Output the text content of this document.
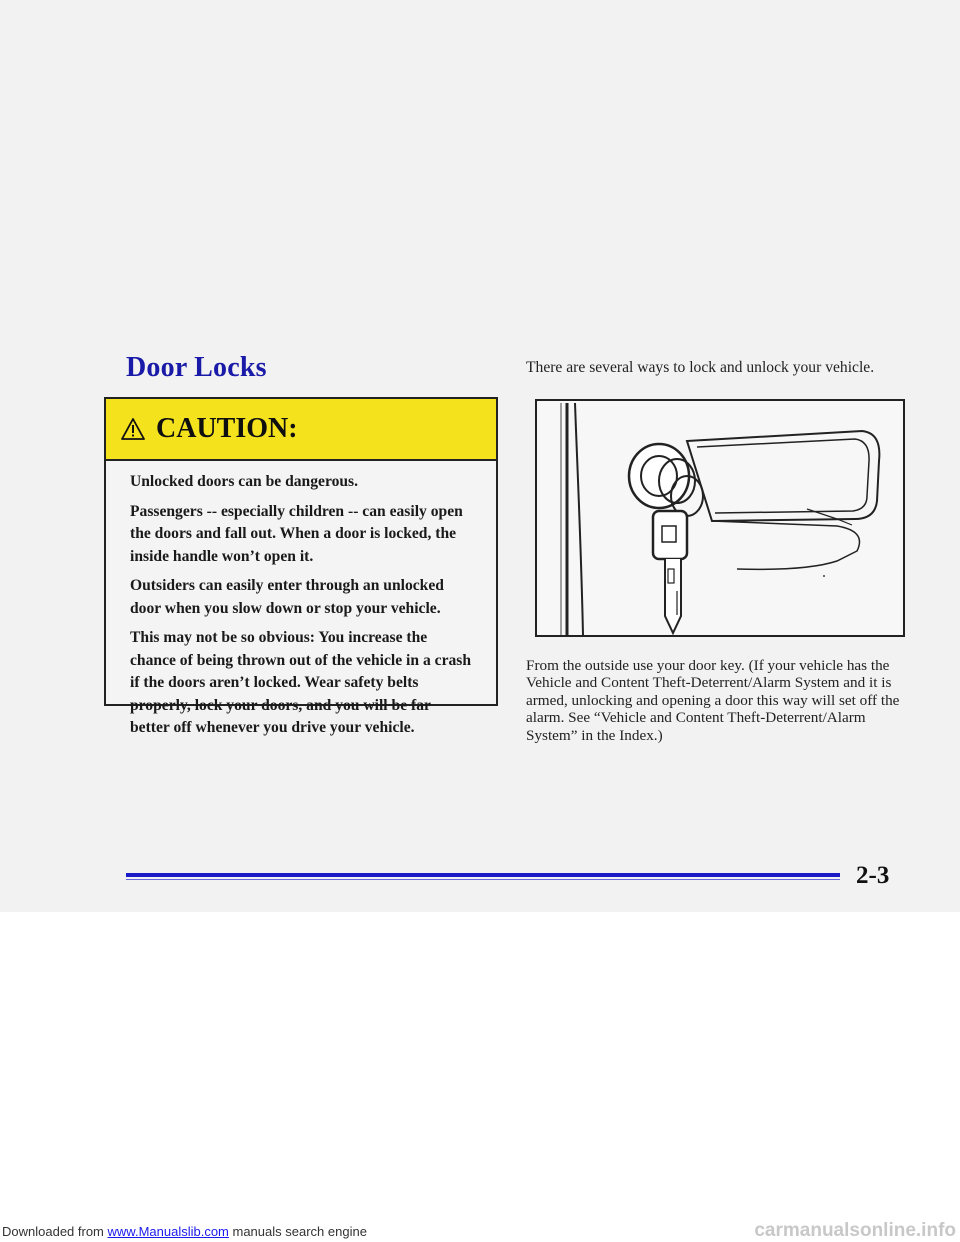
Door Locks
CAUTION:

Unlocked doors can be dangerous.

Passengers -- especially children -- can easily open the doors and fall out. When a door is locked, the inside handle won’t open it.

Outsiders can easily enter through an unlocked door when you slow down or stop your vehicle.

This may not be so obvious: You increase the chance of being thrown out of the vehicle in a crash if the doors aren’t locked. Wear safety belts properly, lock your doors, and you will be far better off whenever you drive your vehicle.

There are several ways to lock and unlock your vehicle.
From the outside use your door key. (If your vehicle has the Vehicle and Content Theft-Deterrent/Alarm System and it is armed, unlocking and opening a door this way will set off the alarm. See “Vehicle and Content Theft-Deterrent/Alarm System” in the Index.)
2-3
Downloaded from www.Manualslib.com manuals search engine	carmanualsonline.info
